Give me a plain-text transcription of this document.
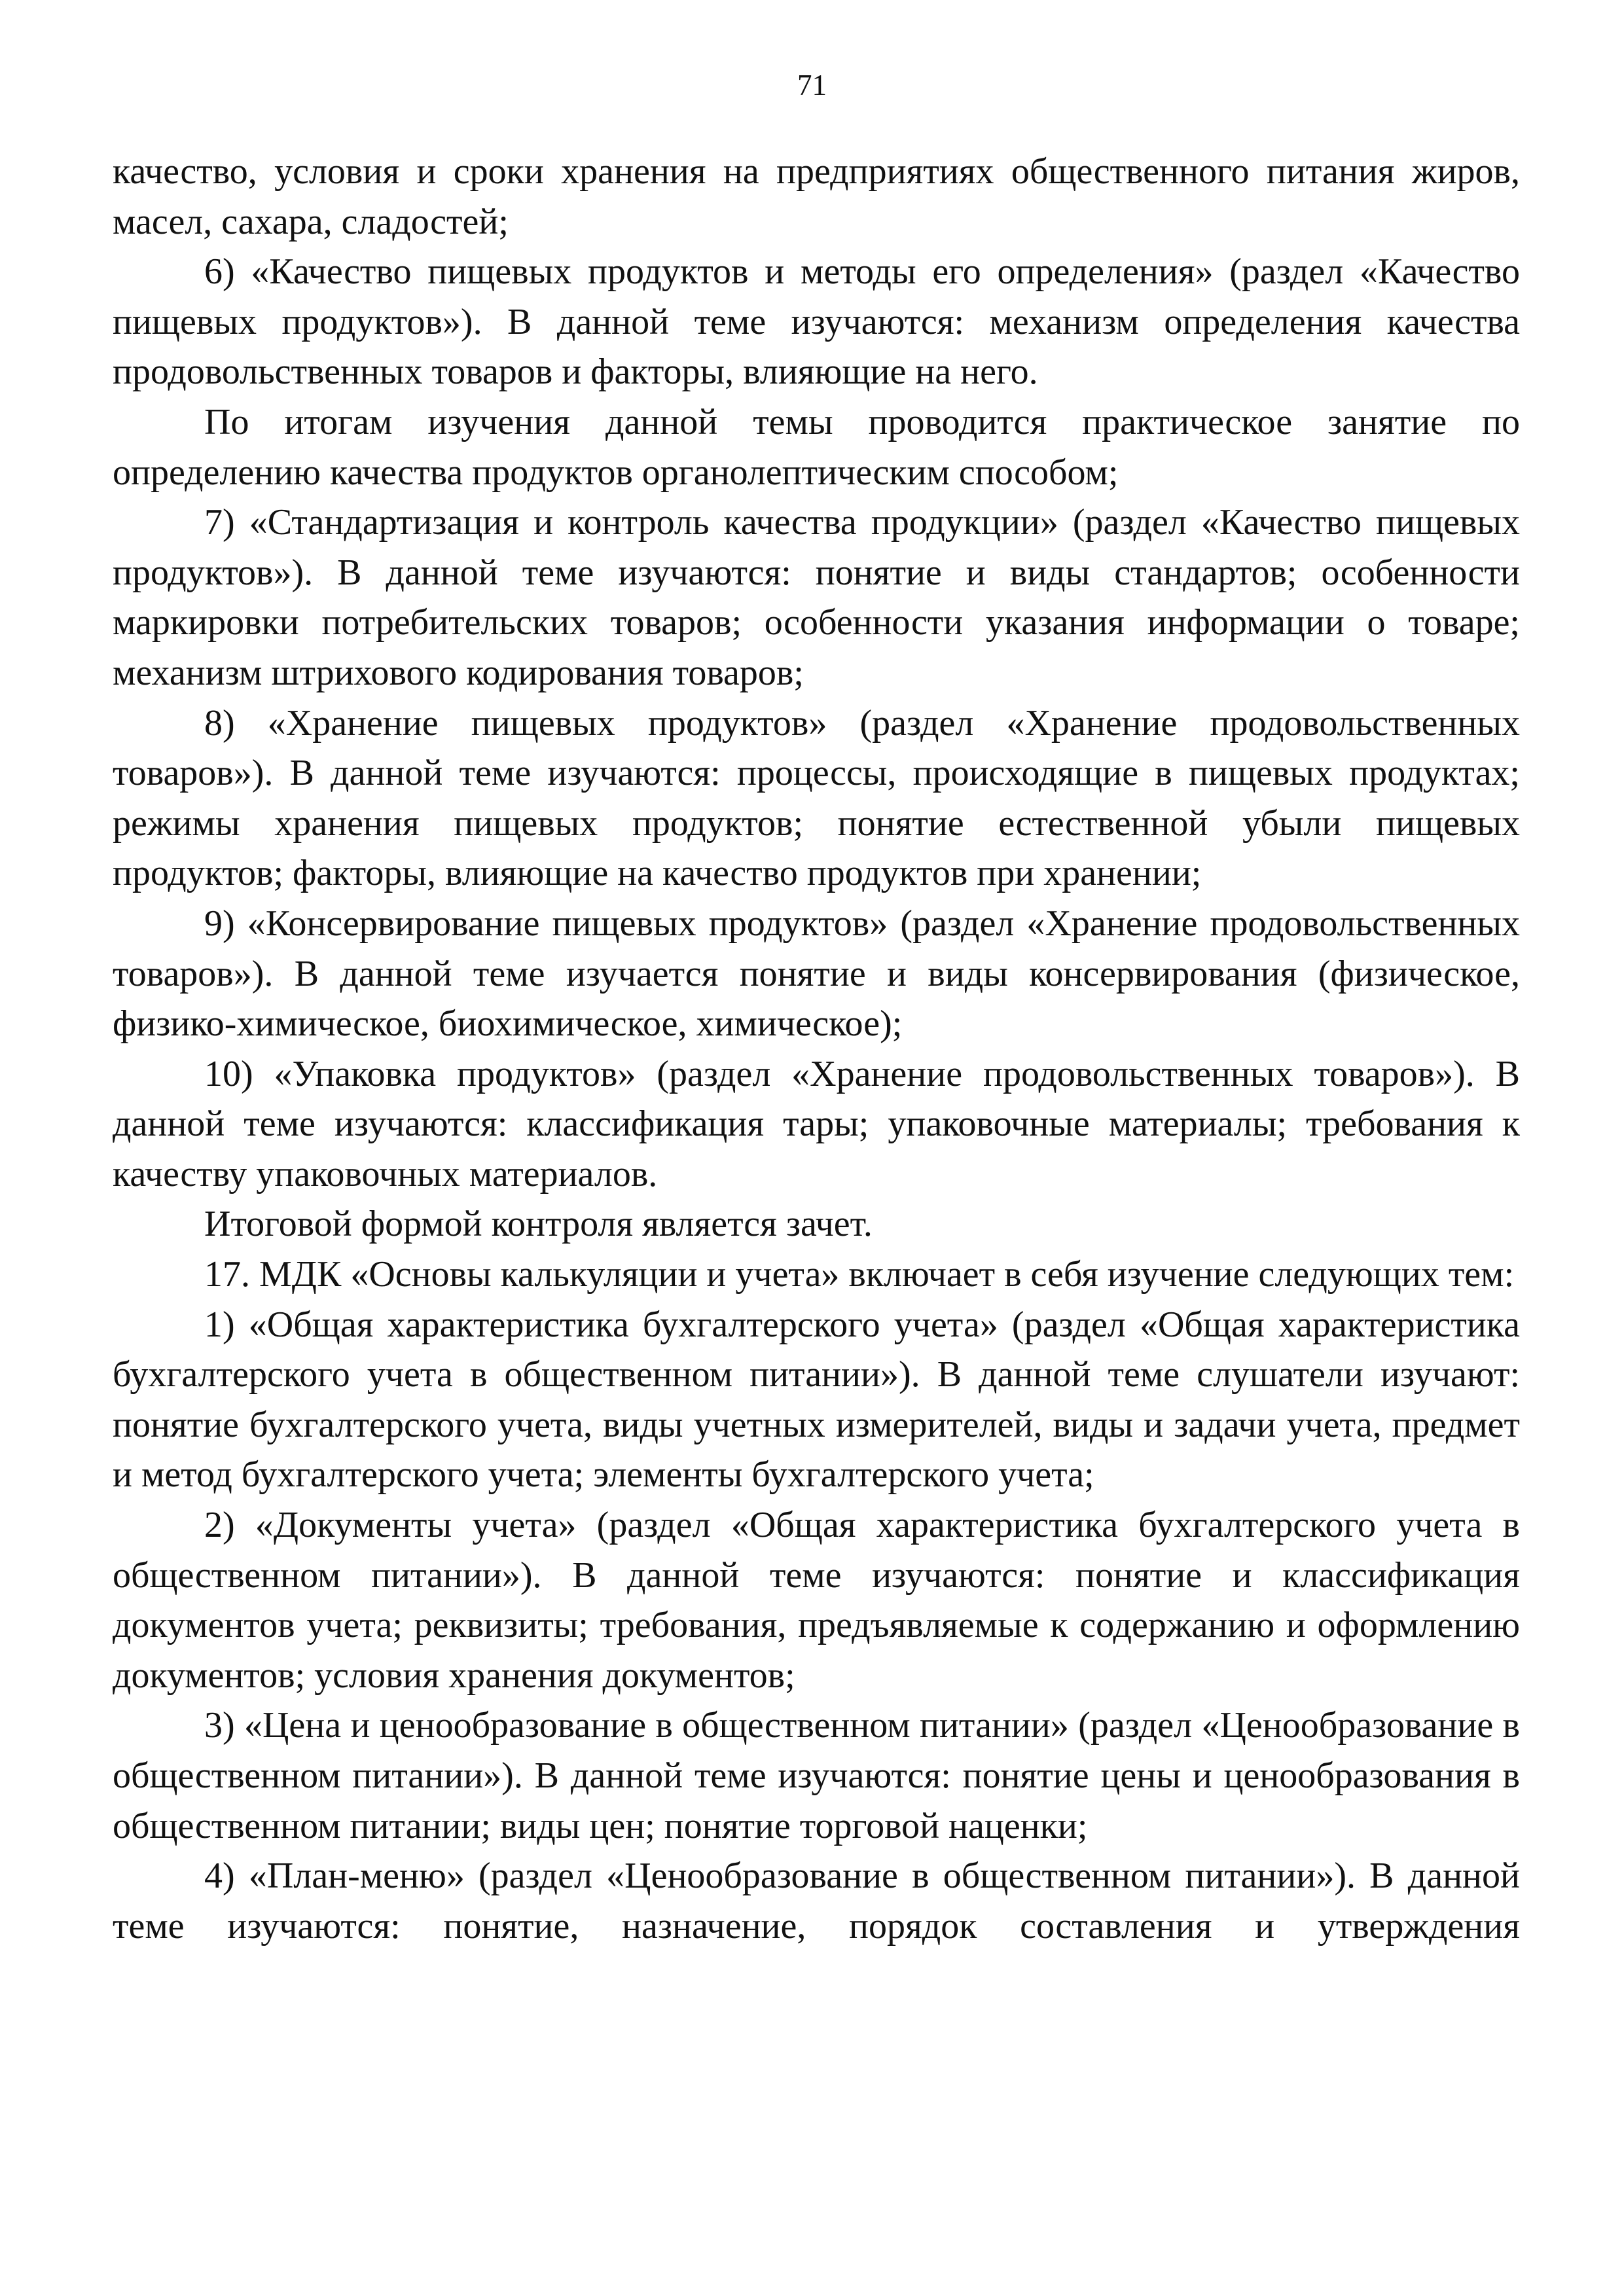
71

качество, условия и сроки хранения на предприятиях общественного питания жиров, масел, сахара, сладостей;

6) «Качество пищевых продуктов и методы его определения» (раздел «Качество пищевых продуктов»). В данной теме изучаются: механизм определения качества продовольственных товаров и факторы, влияющие на него.

По итогам изучения данной темы проводится практическое занятие по определению качества продуктов органолептическим способом;

7) «Стандартизация и контроль качества продукции» (раздел «Качество пищевых продуктов»). В данной теме изучаются: понятие и виды стандартов; особенности маркировки потребительских товаров; особенности указания информации о товаре; механизм штрихового кодирования товаров;

8) «Хранение пищевых продуктов» (раздел «Хранение продовольственных товаров»). В данной теме изучаются: процессы, происходящие в пищевых продуктах; режимы хранения пищевых продуктов; понятие естественной убыли пищевых продуктов; факторы, влияющие на качество продуктов при хранении;

9) «Консервирование пищевых продуктов» (раздел «Хранение продовольственных товаров»). В данной теме изучается понятие и виды консервирования (физическое, физико-химическое, биохимическое, химическое);

10) «Упаковка продуктов» (раздел «Хранение продовольственных товаров»). В данной теме изучаются: классификация тары; упаковочные материалы; требования к качеству упаковочных материалов.

Итоговой формой контроля является зачет.

17. МДК «Основы калькуляции и учета» включает в себя изучение следующих тем:

1) «Общая характеристика бухгалтерского учета» (раздел «Общая характеристика бухгалтерского учета в общественном питании»). В данной теме слушатели изучают: понятие бухгалтерского учета, виды учетных измерителей, виды и задачи учета, предмет и метод бухгалтерского учета; элементы бухгалтерского учета;

2) «Документы учета» (раздел «Общая характеристика бухгалтерского учета в общественном питании»). В данной теме изучаются: понятие и классификация документов учета; реквизиты; требования, предъявляемые к содержанию и оформлению документов; условия хранения документов;

3) «Цена и ценообразование в общественном питании» (раздел «Ценообразование в общественном питании»). В данной теме изучаются: понятие цены и ценообразования в общественном питании; виды цен; понятие торговой наценки;

4) «План-меню» (раздел «Ценообразование в общественном питании»). В данной теме изучаются: понятие, назначение, порядок составления и утверждения
